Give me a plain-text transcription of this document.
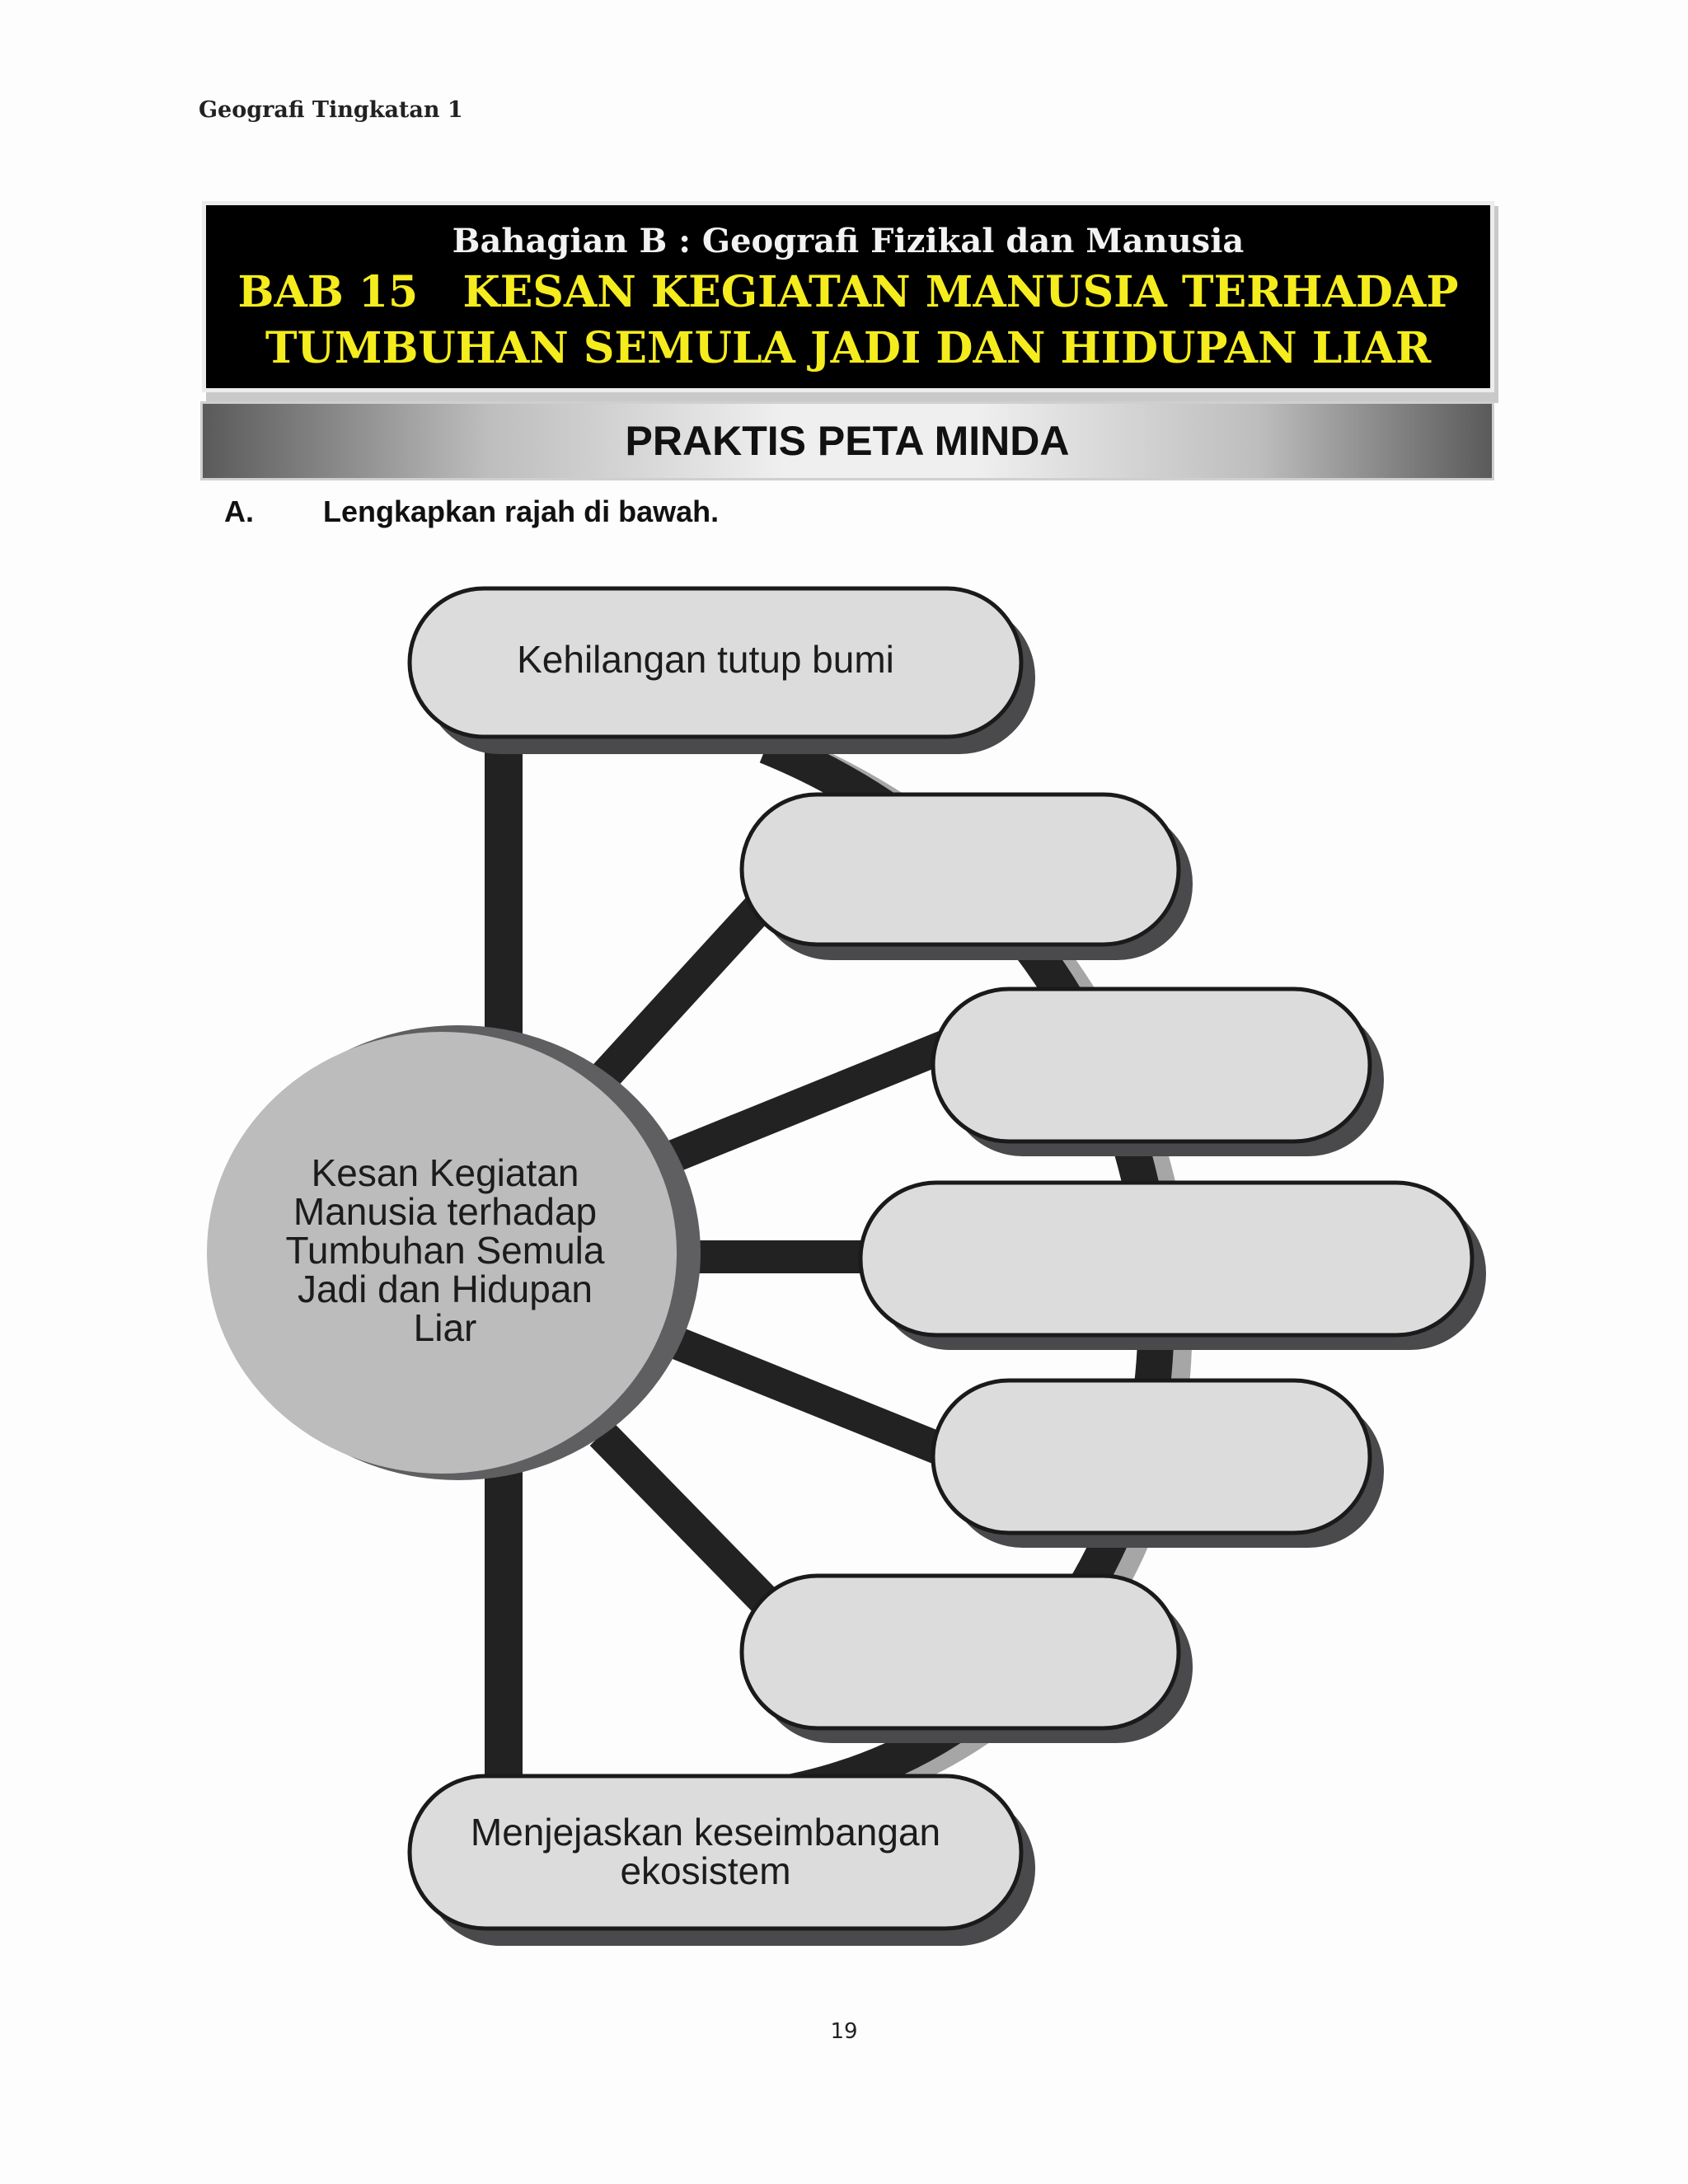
Geografi Tingkatan 1
Bahagian B : Geografi Fizikal dan Manusia
BAB 15   KESAN KEGIATAN MANUSIA TERHADAP
TUMBUHAN SEMULA JADI DAN HIDUPAN LIAR
PRAKTIS PETA MINDA
A. Lengkapkan rajah di bawah.
Kehilangan tutup bumi
Menjejaskan keseimbangan
ekosistem
Kesan Kegiatan
Manusia terhadap
Tumbuhan Semula
Jadi dan Hidupan
Liar
19
